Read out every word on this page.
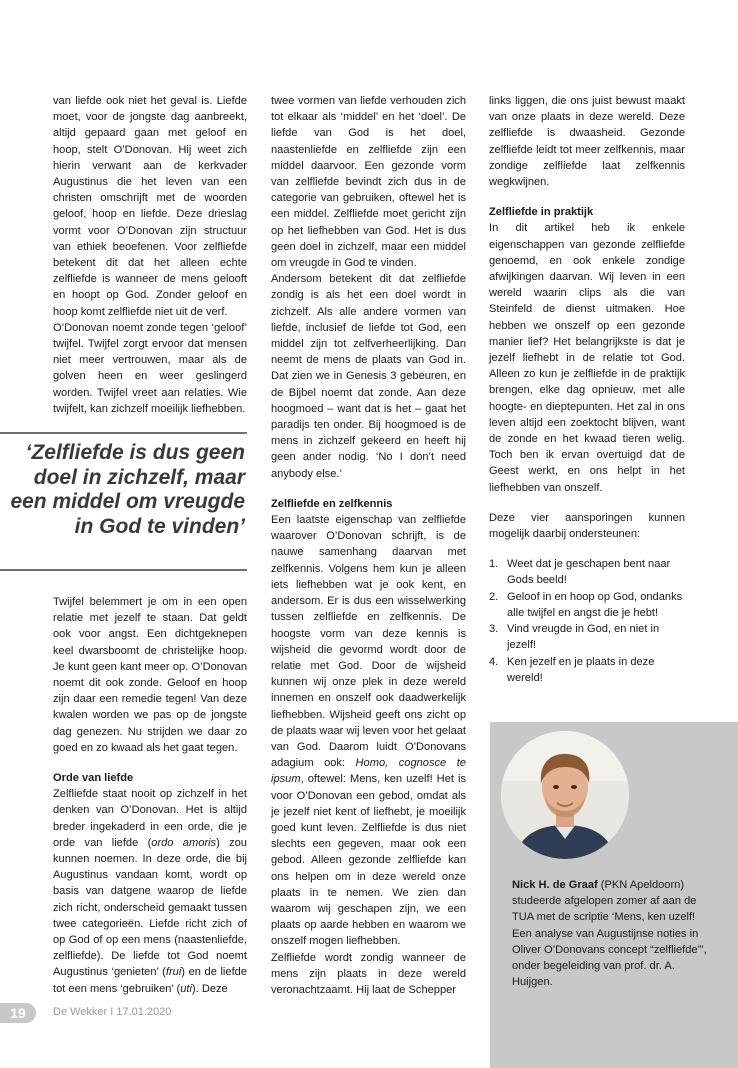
van liefde ook niet het geval is. Liefde moet, voor de jongste dag aanbreekt, altijd gepaard gaan met geloof en hoop, stelt O’Donovan. Hij weet zich hierin verwant aan de kerkvader Augustinus die het leven van een christen omschrijft met de woorden geloof, hoop en liefde. Deze drieslag vormt voor O’Donovan zijn structuur van ethiek beoefenen. Voor zelfliefde betekent dit dat het alleen echte zelfliefde is wanneer de mens gelooft en hoopt op God. Zonder geloof en hoop komt zelfliefde niet uit de verf.

O’Donovan noemt zonde tegen ‘geloof’ twijfel. Twijfel zorgt ervoor dat mensen niet meer vertrouwen, maar als de golven heen en weer geslingerd worden. Twijfel vreet aan relaties. Wie twijfelt, kan zichzelf moeilijk liefhebben.

‘Zelfliefde is dus geen doel in zichzelf, maar een middel om vreugde in God te vinden’

Twijfel belemmert je om in een open relatie met jezelf te staan. Dat geldt ook voor angst. Een dichtgeknepen keel dwarsboomt de christelijke hoop. Je kunt geen kant meer op. O’Donovan noemt dit ook zonde. Geloof en hoop zijn daar een remedie tegen! Van deze kwalen worden we pas op de jongste dag genezen. Nu strijden we daar zo goed en zo kwaad als het gaat tegen.

Orde van liefde

Zelfliefde staat nooit op zichzelf in het denken van O’Donovan. Het is altijd breder ingekaderd in een orde, die je orde van liefde (ordo amoris) zou kunnen noemen. In deze orde, die bij Augustinus vandaan komt, wordt op basis van datgene waarop de liefde zich richt, onderscheid gemaakt tussen twee categorieën. Liefde richt zich of op God of op een mens (naastenliefde, zelfliefde). De liefde tot God noemt Augustinus ‘genieten’ (frui) en de liefde tot een mens ‘gebruiken’ (uti). Deze

twee vormen van liefde verhouden zich tot elkaar als ‘middel’ en het ‘doel’. De liefde van God is het doel, naastenliefde en zelfliefde zijn een middel daarvoor. Een gezonde vorm van zelfliefde bevindt zich dus in de categorie van gebruiken, oftewel het is een middel. Zelfliefde moet gericht zijn op het liefhebben van God. Het is dus geen doel in zichzelf, maar een middel om vreugde in God te vinden.

Andersom betekent dit dat zelfliefde zondig is als het een doel wordt in zichzelf. Als alle andere vormen van liefde, inclusief de liefde tot God, een middel zijn tot zelfverheerlijking. Dan neemt de mens de plaats van God in. Dat zien we in Genesis 3 gebeuren, en de Bijbel noemt dat zonde. Aan deze hoogmoed – want dat is het – gaat het paradijs ten onder. Bij hoogmoed is de mens in zichzelf gekeerd en heeft hij geen ander nodig. ‘No I don’t need anybody else.’

Zelfliefde en zelfkennis

Een laatste eigenschap van zelfliefde waarover O’Donovan schrijft, is de nauwe samenhang daarvan met zelfkennis. Volgens hem kun je alleen iets liefhebben wat je ook kent, en andersom. Er is dus een wisselwerking tussen zelfliefde en zelfkennis. De hoogste vorm van deze kennis is wijsheid die gevormd wordt door de relatie met God. Door de wijsheid kunnen wij onze plek in deze wereld innemen en onszelf ook daadwerkelijk liefhebben. Wijsheid geeft ons zicht op de plaats waar wij leven voor het gelaat van God. Daarom luidt O’Donovans adagium ook: Homo, cognosce te ipsum, oftewel: Mens, ken uzelf! Het is voor O’Donovan een gebod, omdat als je jezelf niet kent of liefhebt, je moeilijk goed kunt leven. Zelfliefde is dus niet slechts een gegeven, maar ook een gebod. Alleen gezonde zelfliefde kan ons helpen om in deze wereld onze plaats in te nemen. We zien dan waarom wij geschapen zijn, we een plaats op aarde hebben en waarom we onszelf mogen liefhebben.

Zelfliefde wordt zondig wanneer de mens zijn plaats in deze wereld veronachtzaamt. Hij laat de Schepper

links liggen, die ons juist bewust maakt van onze plaats in deze wereld. Deze zelfliefde is dwaasheid. Gezonde zelfliefde leidt tot meer zelfkennis, maar zondige zelfliefde laat zelfkennis wegkwijnen.

Zelfliefde in praktijk

In dit artikel heb ik enkele eigenschappen van gezonde zelfliefde genoemd, en ook enkele zondige afwijkingen daarvan. Wij leven in een wereld waarin clips als die van Steinfeld de dienst uitmaken. Hoe hebben we onszelf op een gezonde manier lief? Het belangrijkste is dat je jezelf liefhebt in de relatie tot God. Alleen zo kun je zelfliefde in de praktijk brengen, elke dag opnieuw, met alle hoogte- en dieptepunten. Het zal in ons leven altijd een zoektocht blijven, want de zonde en het kwaad tieren welig. Toch ben ik ervan overtuigd dat de Geest werkt, en ons helpt in het liefhebben van onszelf.

Deze vier aansporingen kunnen mogelijk daarbij ondersteunen:

1. Weet dat je geschapen bent naar Gods beeld!
2. Geloof in en hoop op God, ondanks alle twijfel en angst die je hebt!
3. Vind vreugde in God, en niet in jezelf!
4. Ken jezelf en je plaats in deze wereld!

Nick H. de Graaf (PKN Apeldoorn) studeerde afgelopen zomer af aan de TUA met de scriptie ‘Mens, ken uzelf! Een analyse van Augustijnse noties in Oliver O’Donovans concept “zelfliefde”’, onder begeleiding van prof. dr. A. Huijgen.

19	De Wekker I 17.01.2020
